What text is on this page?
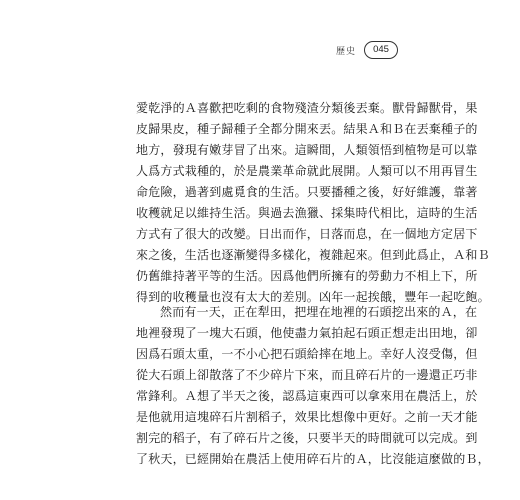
歷史	045
愛乾淨的Ａ喜歡把吃剩的食物殘渣分類後丟棄。獸骨歸獸骨，果
皮歸果皮，種子歸種子全都分開來丟。結果Ａ和Ｂ在丟棄種子的
地方，發現有嫩芽冒了出來。這瞬間，人類領悟到植物是可以靠
人爲方式栽種的，於是農業革命就此展開。人類可以不用再冒生
命危險，過著到處覓食的生活。只要播種之後，好好維護，靠著
收穫就足以維持生活。與過去漁獵、採集時代相比，這時的生活
方式有了很大的改變。日出而作，日落而息，在一個地方定居下
來之後，生活也逐漸變得多樣化，複雜起來。但到此爲止，Ａ和Ｂ
仍舊維持著平等的生活。因爲他們所擁有的勞動力不相上下，所
得到的收穫量也沒有太大的差別。凶年一起挨餓，豐年一起吃飽。
然而有一天，正在犁田，把埋在地裡的石頭挖出來的Ａ，在
地裡發現了一塊大石頭，他使盡力氣拍起石頭正想走出田地，卻
因爲石頭太重，一不小心把石頭給摔在地上。幸好人沒受傷，但
從大石頭上卻散落了不少碎片下來，而且碎石片的一邊還正巧非
常鋒利。Ａ想了半天之後，認爲這東西可以拿來用在農活上，於
是他就用這塊碎石片割稻子，效果比想像中更好。之前一天才能
割完的稻子，有了碎石片之後，只要半天的時間就可以完成。到
了秋天，已經開始在農活上使用碎石片的Ａ，比沒能這麼做的Ｂ，
